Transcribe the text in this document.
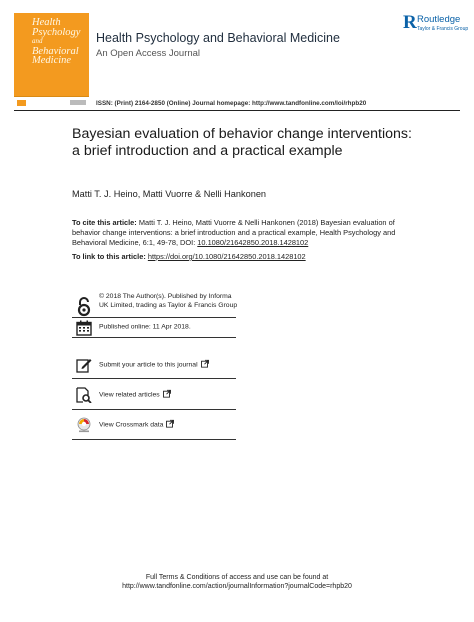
Health
Psychology
and
Behavioral
Medicine
Health Psychology and Behavioral Medicine
An Open Access Journal
R Routledge
Taylor & Francis Group
ISSN: (Print) 2164-2850 (Online) Journal homepage: http://www.tandfonline.com/loi/rhpb20
Bayesian evaluation of behavior change interventions: a brief introduction and a practical example
Matti T. J. Heino, Matti Vuorre & Nelli Hankonen
To cite this article: Matti T. J. Heino, Matti Vuorre & Nelli Hankonen (2018) Bayesian evaluation of behavior change interventions: a brief introduction and a practical example, Health Psychology and Behavioral Medicine, 6:1, 49-78, DOI: 10.1080/21642850.2018.1428102
To link to this article: https://doi.org/10.1080/21642850.2018.1428102
© 2018 The Author(s). Published by Informa UK Limited, trading as Taylor & Francis Group
Published online: 11 Apr 2018.
Submit your article to this journal
View related articles
View Crossmark data
Full Terms & Conditions of access and use can be found at
http://www.tandfonline.com/action/journalInformation?journalCode=rhpb20
